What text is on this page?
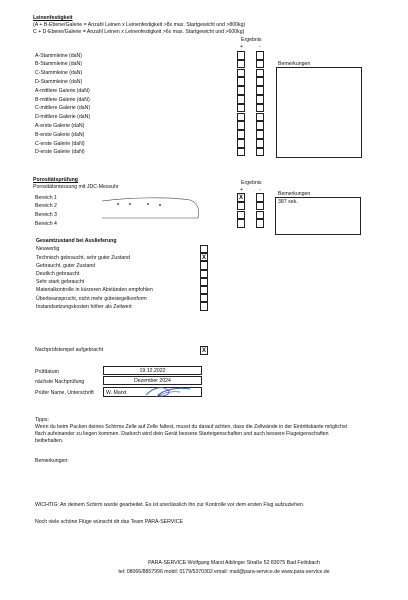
Leinenfestigkeit
(A + B-Ebene/Galerie = Anzahl Leinen x Leinenfestigkeit >8x max. Startgewicht und >800kg)
C + D-Ebene/Galerie = Anzahl Leinen x Leinenfestigkeit >6x max. Startgewicht und >600kg)
Ergebnis
+	-
Bemerkungen
A-Stammleine (daN)
B-Stammleine (daN)
C-Stammleine (daN)
D-Stammleine (daN)
A-mittlere Galerie (daN)
B-mittlere Galerie (daN)
C-mittlere Galerie (daN)
D-mittlere Galerie (daN)
A-erste Galerie (daN)
B-erste Galerie (daN)
C-erste Galerie (daN)
D-erste Galerie (daN)
Porositätsprüfung
Porositätsmessung mit JDC-Messuhr
Ergebnis
+	-
Bemerkungen
387 sek.
Bereich 1	X
Bereich 2
Bereich 3
Bereich 4
Gesamtzustand bei Auslieferung
Neuwertig
Technisch gebraucht, sehr guter Zustand	X
Gebraucht, guter Zustand
Deutlich gebraucht
Sehr stark gebraucht
Materialkontrolle in kürzeren Abständen empfohlen
Überbeansprucht, nicht mehr gütesiegelkonform
Instandsetzungskosten höher als Zeitwert
Nachprüfstempel aufgebracht	X
Prüfdatum	19.12.2022
nächste Nachprüfung	Dezember 2024
Prüfer Name, Unterschrift W. Marxt
Tipps:
Wenn du beim Packen deines Schirms Zelle auf Zelle faltest, musst du darauf achten, dass die Zellwände in der Eintrittskante möglichst
flach aufeinander zu liegen kommen. Dadurch wird dein Gerät bessere Starteigenschaften und auch bessere Flugeigenschaften
beibehalten.
Bemerkungen:
WICHTIG: An deinem Schirm wurde gearbeitet. Es ist unerlässlich ihn zur Kontrolle vor dem ersten Flug aufzuziehen.
Noch viele schöne Flüge wünscht dir das Team PARA-SERVICE
PARA-SERVICE Wolfgang Marxt Aiblinger Straße 52 83075 Bad Feilnbach
tel: 08066/8857996 mobil: 0179/5370302 email: mail@para-service.de www.para-service.de
